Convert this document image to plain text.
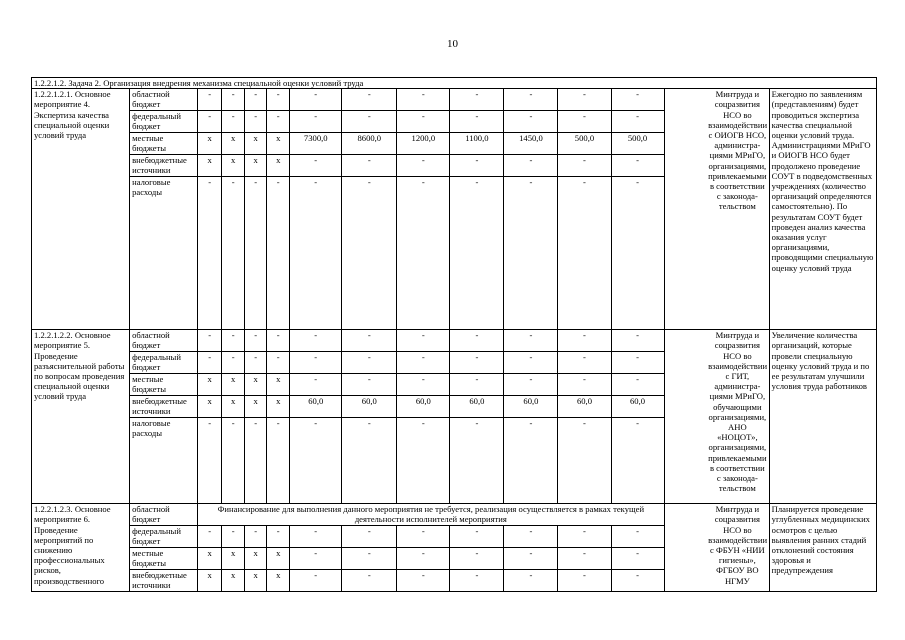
10
1.2.2.1.2. Задача 2. Организация внедрения механизма специальной оценки условий труда															
1.2.2.1.2.1. Основное мероприятие 4. Экспертиза качества специальной оценки условий труда	областной бюджет	-	-	-	-	-	-	-	-	-	-	-		Минтруда и соцразвития НСО во взаимодействии с ОИОГВ НСО, администра-циями МРиГО, организациями, привлекаемыми в соответствии с законода-тельством	Ежегодно по заявлениям (представлениям) будет проводиться экспертиза качества специальной оценки условий труда. Администрациями МРиГО и ОИОГВ НСО будет продолжено проведение СОУТ в подведомственных учреждениях (количество организаций определяются самостоятельно). По результатам СОУТ будет проведен анализ качества оказания услуг организациями, проводящими специальную оценку условий труда
	федеральный бюджет	-	-	-	-	-	-	-	-	-	-	-			
	местные бюджеты	x	x	x	x	7300,0	8600,0	1200,0	1100,0	1450,0	500,0	500,0			
	внебюджетные источники	x	x	x	x	-	-	-	-	-	-	-			
	налоговые расходы	-	-	-	-	-	-	-	-	-	-	-			
1.2.2.1.2.2. Основное мероприятие 5. Проведение разъяснительной работы по вопросам проведения специальной оценки условий труда	областной бюджет	-	-	-	-	-	-	-	-	-	-	-		Минтруда и соцразвития НСО во взаимодействии с ГИТ, администра-циями МРиГО, обучающими организациями, АНО «НОЦОТ», организациями, привлекаемыми в соответствии с законода-тельством	Увеличение количества организаций, которые провели специальную оценку условий труда и по ее результатам улучшили условия труда работников
	федеральный бюджет	-	-	-	-	-	-	-	-	-	-	-			
	местные бюджеты	x	x	x	x	-	-	-	-	-	-	-			
	внебюджетные источники	x	x	x	x	60,0	60,0	60,0	60,0	60,0	60,0	60,0			
	налоговые расходы	-	-	-	-	-	-	-	-	-	-	-			
1.2.2.1.2.3. Основное мероприятие 6. Проведение мероприятий по снижению профессиональных рисков, производственного	областной бюджет	Финансирование для выполнения данного мероприятия не требуется, реализация осуществляется в рамках текущей деятельности исполнителей мероприятия												Минтруда и соцразвития НСО во взаимодействии с ФБУН «НИИ гигиены», ФГБОУ ВО НГМУ	Планируется проведение углубленных медицинских осмотров с целью выявления ранних стадий отклонений состояния здоровья и предупреждения
	федеральный бюджет	-	-	-	-	-	-	-	-	-	-	-			
	местные бюджеты	x	x	x	x	-	-	-	-	-	-	-			
	внебюджетные источники	x	x	x	x	-	-	-	-	-	-	-			
